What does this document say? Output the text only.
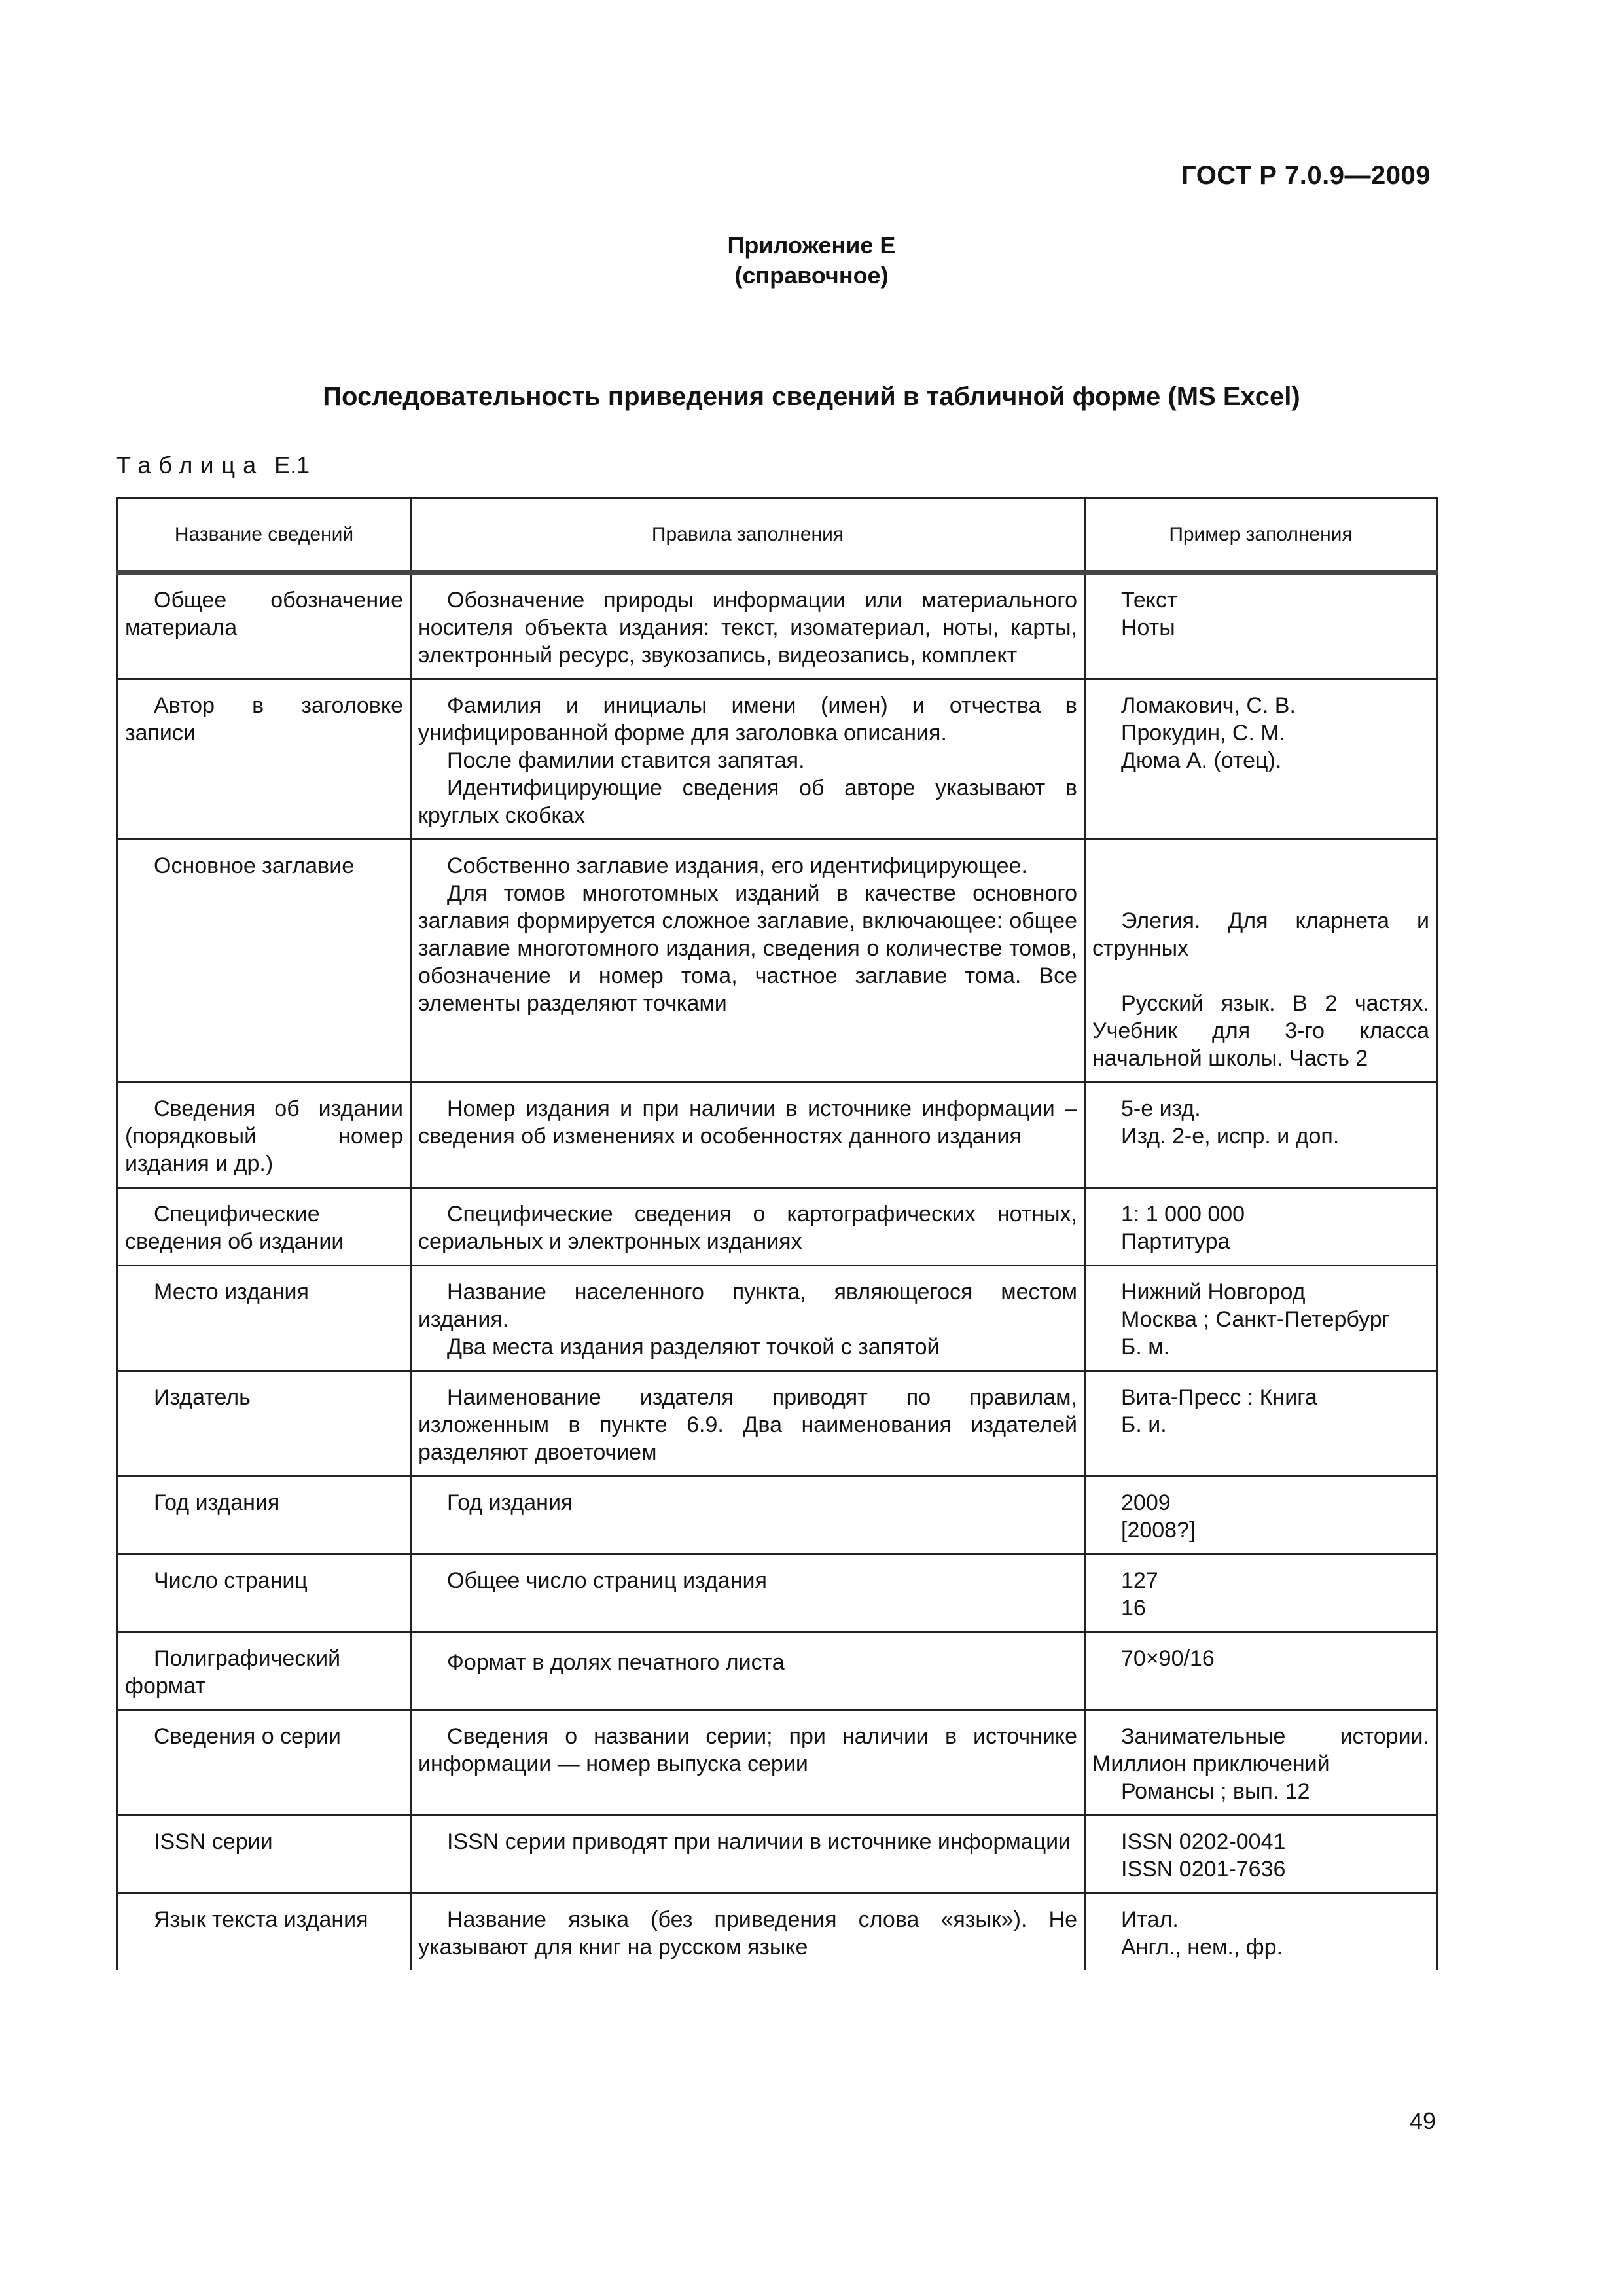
ГОСТ Р 7.0.9—2009
Приложение Е
(справочное)
Последовательность приведения сведений в табличной форме (MS Excel)
Таблица Е.1
Название сведений	Правила заполнения	Пример заполнения

Общее обозначение материала	Обозначение природы информации или материального носителя объекта издания: текст, изоматериал, ноты, карты, электронный ресурс, звукозапись, видеозапись, комплект	Текст
Ноты

Автор в заголовке записи	Фамилия и инициалы имени (имен) и отчества в унифицированной форме для заголовка описания.
После фамилии ставится запятая.
Идентифицирующие сведения об авторе указывают в круглых скобках	Ломакович, С. В.
Прокудин, С. М.
Дюма А. (отец).

Основное заглавие	Собственно заглавие издания, его идентифицирующее.
Для томов многотомных изданий в качестве основного заглавия формируется сложное заглавие, включающее: общее заглавие многотомного издания, сведения о количестве томов, обозначение и номер тома, частное заглавие тома. Все элементы разделяют точками	Элегия. Для кларнета и струнных
Русский язык. В 2 частях. Учебник для 3-го класса начальной школы. Часть 2

Сведения об издании (порядковый номер издания и др.)	Номер издания и при наличии в источнике информации – сведения об изменениях и особенностях данного издания	5-е изд.
Изд. 2-е, испр. и доп.

Специфические сведения об издании	Специфические сведения о картографических нотных, сериальных и электронных изданиях	1: 1 000 000
Партитура

Место издания	Название населенного пункта, являющегося местом издания.
Два места издания разделяют точкой с запятой	Нижний Новгород
Москва ; Санкт-Петербург
Б. м.

Издатель	Наименование издателя приводят по правилам, изложенным в пункте 6.9. Два наименования издателей разделяют двоеточием	Вита-Пресс : Книга
Б. и.

Год издания	Год издания	2009
[2008?]

Число страниц	Общее число страниц издания	127
16

Полиграфический формат	Формат в долях печатного листа	70×90/16

Сведения о серии	Сведения о названии серии; при наличии в источнике информации — номер выпуска серии	Занимательные истории. Миллион приключений
Романсы ; вып. 12

ISSN серии	ISSN серии приводят при наличии в источнике информации	ISSN 0202-0041
ISSN 0201-7636

Язык текста издания	Название языка (без приведения слова «язык»). Не указывают для книг на русском языке	Итал.
Англ., нем., фр.
49
